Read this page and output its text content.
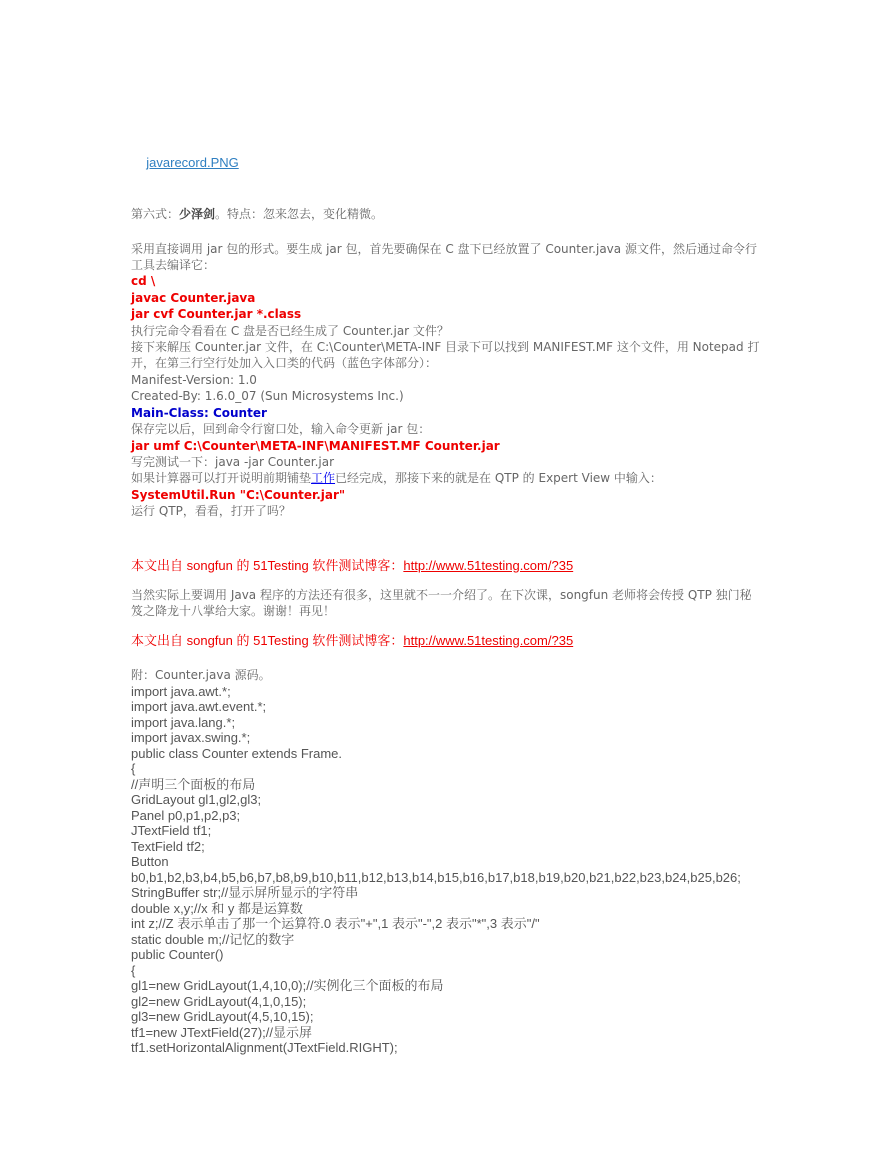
javarecord.PNG

第六式：少泽剑。特点：忽来忽去，变化精微。
采用直接调用 jar 包的形式。要生成 jar 包，首先要确保在 C 盘下已经放置了 Counter.java 源文件，然后通过命令行工具去编译它：
cd \
javac Counter.java
jar cvf Counter.jar *.class
执行完命令看看在 C 盘是否已经生成了 Counter.jar 文件？
接下来解压 Counter.jar 文件，在 C:\Counter\META-INF 目录下可以找到 MANIFEST.MF 这个文件，用 Notepad 打开，在第三行空行处加入入口类的代码（蓝色字体部分）：
Manifest-Version: 1.0
Created-By: 1.6.0_07 (Sun Microsystems Inc.)
Main-Class: Counter
保存完以后，回到命令行窗口处，输入命令更新 jar 包：
jar umf C:\Counter\META-INF\MANIFEST.MF Counter.jar
写完测试一下：java -jar Counter.jar
如果计算器可以打开说明前期铺垫工作已经完成，那接下来的就是在 QTP 的 Expert View 中输入：
SystemUtil.Run "C:\Counter.jar"
运行 QTP，看看，打开了吗？
本文出自 songfun 的 51Testing 软件测试博客：http://www.51testing.com/?35
当然实际上要调用 Java 程序的方法还有很多，这里就不一一介绍了。在下次课，songfun 老师将会传授 QTP 独门秘笈之降龙十八掌给大家。谢谢！再见！
本文出自 songfun 的 51Testing 软件测试博客：http://www.51testing.com/?35
附：Counter.java 源码。
import java.awt.*;
import java.awt.event.*;
import java.lang.*;
import javax.swing.*;
public class Counter extends Frame.
{
//声明三个面板的布局
GridLayout gl1,gl2,gl3;
Panel p0,p1,p2,p3;
JTextField tf1;
TextField tf2;
Button
b0,b1,b2,b3,b4,b5,b6,b7,b8,b9,b10,b11,b12,b13,b14,b15,b16,b17,b18,b19,b20,b21,b22,b23,b24,b25,b26;
StringBuffer str;//显示屏所显示的字符串
double x,y;//x 和 y 都是运算数
int z;//Z 表示单击了那一个运算符.0 表示"+",1 表示"-",2 表示"*",3 表示"/"
static double m;//记忆的数字
public Counter()
{
gl1=new GridLayout(1,4,10,0);//实例化三个面板的布局
gl2=new GridLayout(4,1,0,15);
gl3=new GridLayout(4,5,10,15);
tf1=new JTextField(27);//显示屏
tf1.setHorizontalAlignment(JTextField.RIGHT);
